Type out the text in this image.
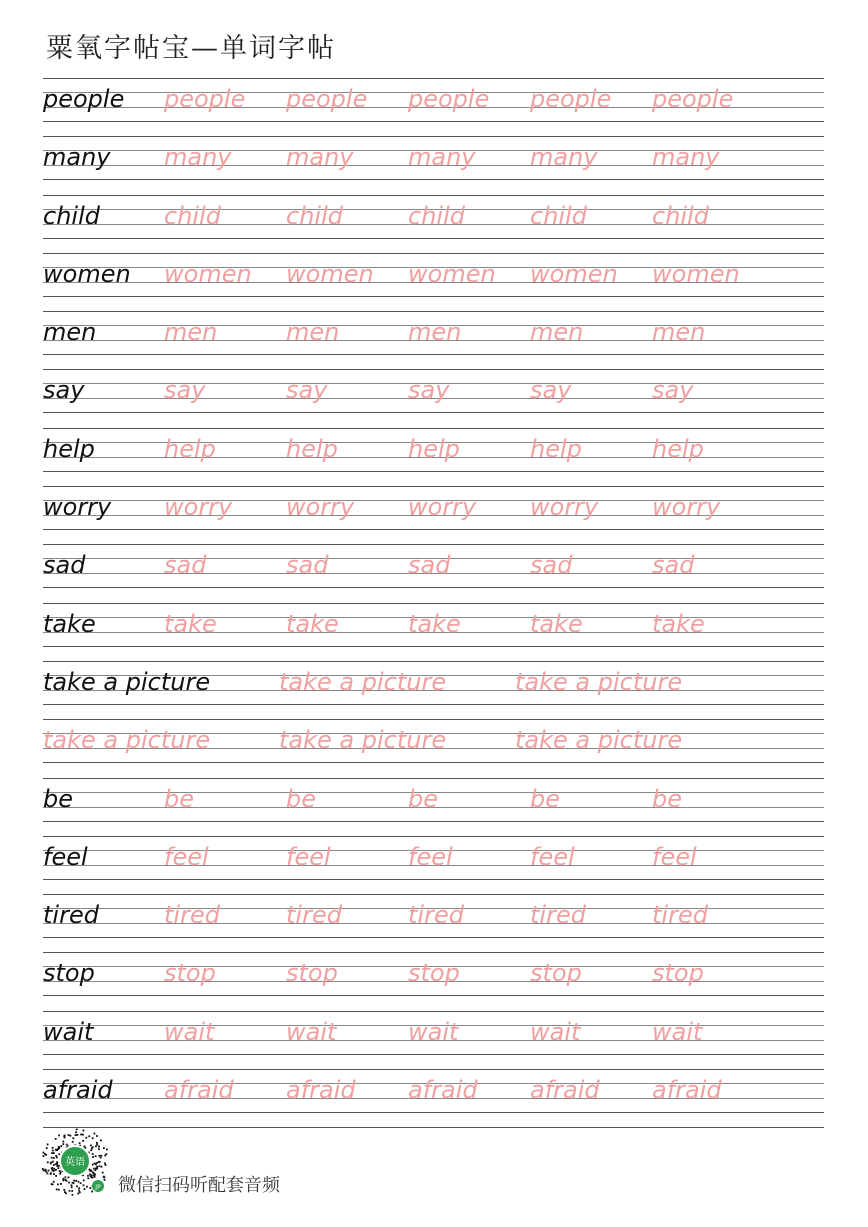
粟氧字帖宝—单词字帖
people people people people people people
many many many many many many
child	child	child	child	child	child
women women women women women women
men	men	men	men	men	men
say	say	say	say	say	say
help	help	help	help	help	help
worry worry worry worry worry worry
sad	sad	sad	sad	sad	sad
take	take	take	take	take	take
take a picture	take a picture	take a picture
take a picture	take a picture	take a picture
be	be	be	be	be	be
feel	feel	feel	feel	feel	feel
tired	tired	tired	tired	tired	tired
stop	stop	stop	stop	stop	stop
wait	wait	wait	wait	wait	wait
afraid afraid afraid afraid afraid afraid
英语
JP 微信扫码听配套音频
